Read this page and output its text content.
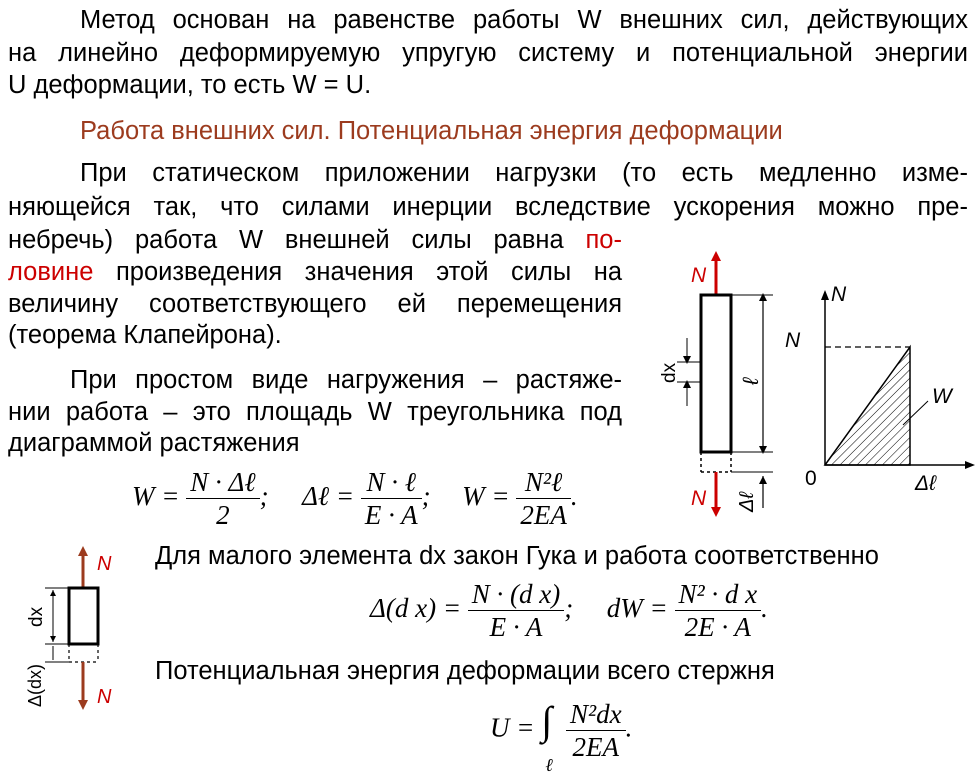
Метод основан на равенстве работы W внешних сил, действующих
на линейно деформируемую упругую систему и потенциальной энергии
U деформации, то есть W = U.
Работа внешних сил. Потенциальная энергия деформации
При статическом приложении нагрузки (то есть медленно изме-
няющейся так, что силами инерции вследствие ускорения можно пре-
небречь) работа W внешней силы равна по-
ловине произведения значения этой силы на
величину соответствующего ей перемещения
(теорема Клапейрона).
При простом виде нагружения – растяже-
нии работа – это площадь W треугольника под
диаграммой растяжения
$W = \frac{\text{N · Δℓ}}{2}$ ; Δℓ = $\frac{\text{N · ℓ}}{E \cdot A}$ ; $W = \frac{\text{N²ℓ}}{2EA}$ .
Для малого элемента dx закон Гука и работа соответственно
Δ(d $x) = \frac{\text{N · (d x)}}{E \cdot A}$ ; dW = $\frac{\text{N² · d x}}{2E \cdot A}$ .
Потенциальная энергия деформации всего стержня
U = ∫
ℓ

$\frac{\text{N²dx}}{2EA}$ .
N
N
ℓ
Δℓ
dx
N
N
W
0	Δℓ
N
N
dx
Δ(dx)
